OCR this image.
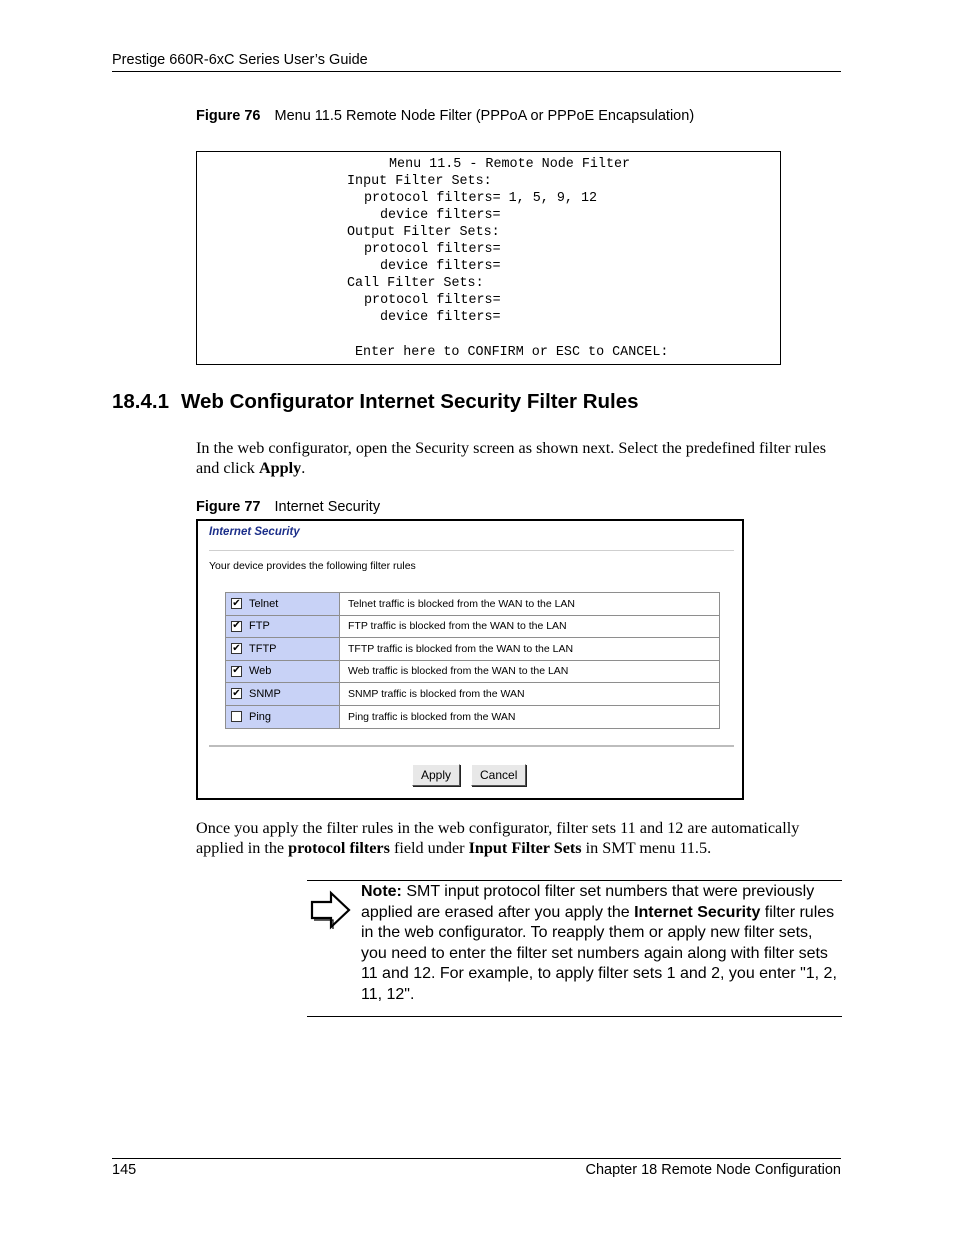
Prestige 660R-6xC Series User’s Guide
Figure 76 Menu 11.5 Remote Node Filter (PPPoA or PPPoE Encapsulation)
Menu 11.5 - Remote Node Filter
Input Filter Sets:
protocol filters= 1, 5, 9, 12
device filters=
Output Filter Sets:
protocol filters=
device filters=
Call Filter Sets:
protocol filters=
device filters=
Enter here to CONFIRM or ESC to CANCEL:
18.4.1 Web Configurator Internet Security Filter Rules
In the web configurator, open the Security screen as shown next. Select the predefined filter rules and click Apply.
Figure 77 Internet Security
Internet Security
Your device provides the following filter rules
✔ Telnet	Telnet traffic is blocked from the WAN to the LAN
✔ FTP	FTP traffic is blocked from the WAN to the LAN
✔ TFTP	TFTP traffic is blocked from the WAN to the LAN
✔ Web	Web traffic is blocked from the WAN to the LAN
✔ SNMP	SNMP traffic is blocked from the WAN
Ping	Ping traffic is blocked from the WAN
Apply	Cancel
Once you apply the filter rules in the web configurator, filter sets 11 and 12 are automatically applied in the protocol filters field under Input Filter Sets in SMT menu 11.5.
Note: SMT input protocol filter set numbers that were previously applied are erased after you apply the Internet Security filter rules in the web configurator. To reapply them or apply new filter sets, you need to enter the filter set numbers again along with filter sets 11 and 12. For example, to apply filter sets 1 and 2, you enter "1, 2, 11, 12".
145	Chapter 18 Remote Node Configuration
